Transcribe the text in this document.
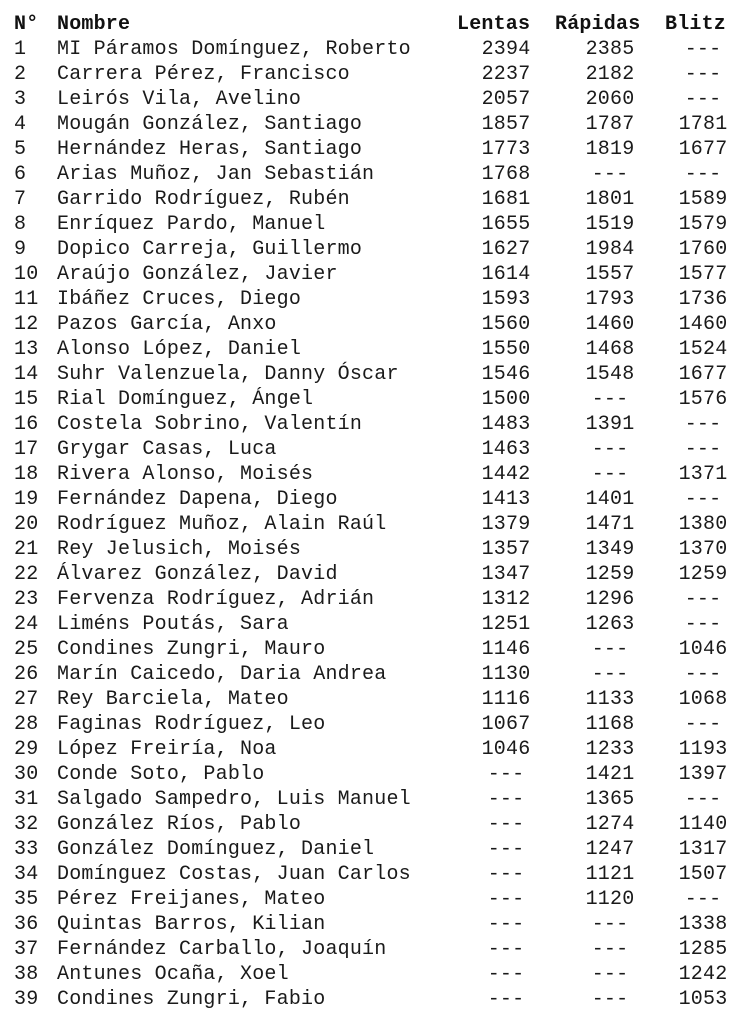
N°	Nombre	Lentas	Rápidas	Blitz
1	MI Páramos Domínguez, Roberto	2394	2385	---
2	Carrera Pérez, Francisco	2237	2182	---
3	Leirós Vila, Avelino	2057	2060	---
4	Mougán González, Santiago	1857	1787	1781
5	Hernández Heras, Santiago	1773	1819	1677
6	Arias Muñoz, Jan Sebastián	1768	---	---
7	Garrido Rodríguez, Rubén	1681	1801	1589
8	Enríquez Pardo, Manuel	1655	1519	1579
9	Dopico Carreja, Guillermo	1627	1984	1760
10	Araújo González, Javier	1614	1557	1577
11	Ibáñez Cruces, Diego	1593	1793	1736
12	Pazos García, Anxo	1560	1460	1460
13	Alonso López, Daniel	1550	1468	1524
14	Suhr Valenzuela, Danny Óscar	1546	1548	1677
15	Rial Domínguez, Ángel	1500	---	1576
16	Costela Sobrino, Valentín	1483	1391	---
17	Grygar Casas, Luca	1463	---	---
18	Rivera Alonso, Moisés	1442	---	1371
19	Fernández Dapena, Diego	1413	1401	---
20	Rodríguez Muñoz, Alain Raúl	1379	1471	1380
21	Rey Jelusich, Moisés	1357	1349	1370
22	Álvarez González, David	1347	1259	1259
23	Fervenza Rodríguez, Adrián	1312	1296	---
24	Liméns Poutás, Sara	1251	1263	---
25	Condines Zungri, Mauro	1146	---	1046
26	Marín Caicedo, Daria Andrea	1130	---	---
27	Rey Barciela, Mateo	1116	1133	1068
28	Faginas Rodríguez, Leo	1067	1168	---
29	López Freiría, Noa	1046	1233	1193
30	Conde Soto, Pablo	---	1421	1397
31	Salgado Sampedro, Luis Manuel	---	1365	---
32	González Ríos, Pablo	---	1274	1140
33	González Domínguez, Daniel	---	1247	1317
34	Domínguez Costas, Juan Carlos	---	1121	1507
35	Pérez Freijanes, Mateo	---	1120	---
36	Quintas Barros, Kilian	---	---	1338
37	Fernández Carballo, Joaquín	---	---	1285
38	Antunes Ocaña, Xoel	---	---	1242
39	Condines Zungri, Fabio	---	---	1053
